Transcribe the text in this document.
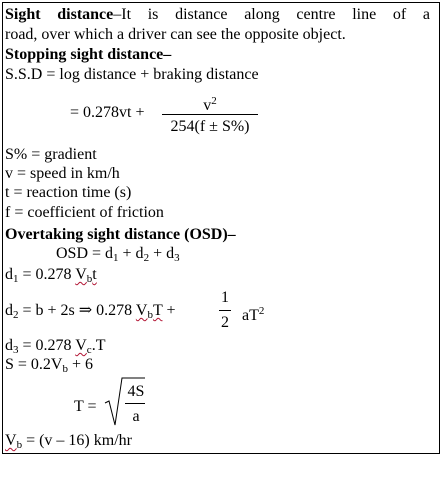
Sight distance–It is distance along centre line of a
road, over which a driver can see the opposite object.
Stopping sight distance–
S.S.D = log distance + braking distance
= 0.278vt +	$v^2$
254(f ± S%)
S% = gradient
v = speed in km/h
t = reaction time (s)
f = coefficient of friction
Overtaking sight distance (OSD)–
OSD = $d_1 + d_2 + d_3$
$d_1 = 0.278$ $V_bt$
$d_2 = b + 2s$ ⇒ 0.278 $V_bT$ +
1
2 $aT^2$
$d_3 = 0.278$ $V_c.T$
$S = 0.2V_b + 6$
T =
4S
a
$V_b = (v - 16)$ km/hr
